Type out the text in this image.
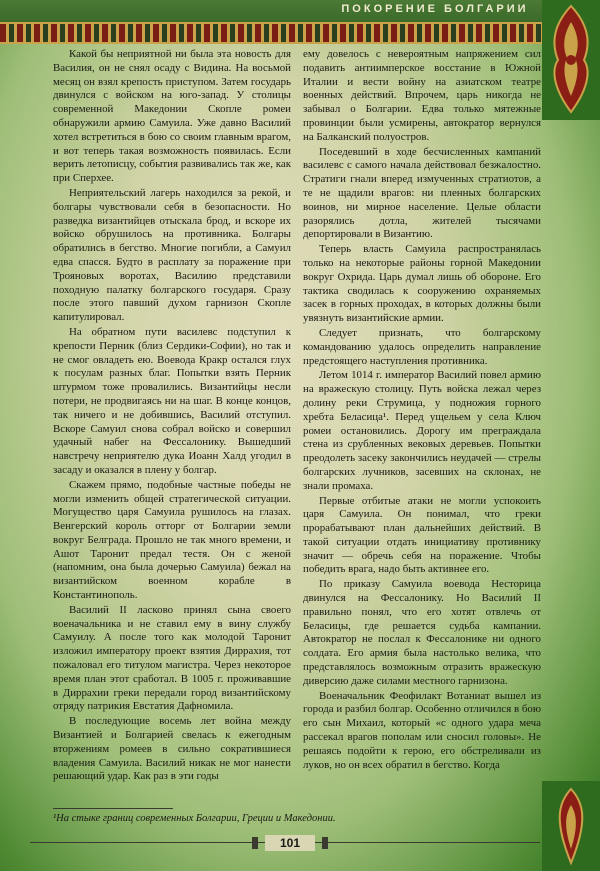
ПОКОРЕНИЕ БОЛГАРИИ

Какой бы неприятной ни была эта новость для Василия, он не снял осаду с Видина. На восьмой месяц он взял крепость приступом. Затем государь двинулся с войском на юго-запад. У столицы современной Македонии Скопле ромеи обнаружили армию Самуила. Уже давно Василий хотел встретиться в бою со своим главным врагом, и вот теперь такая возможность появилась. Если верить летописцу, события развивались так же, как при Сперхее.

Неприятельский лагерь находился за рекой, и болгары чувствовали себя в безопасности. Но разведка византийцев отыскала брод, и вскоре их войско обрушилось на противника. Болгары обратились в бегство. Многие погибли, а Самуил едва спасся. Будто в расплату за поражение при Трояновых воротах, Василию представили походную палатку болгарского государя. Сразу после этого павший духом гарнизон Скопле капитулировал.

На обратном пути василевс подступил к крепости Перник (близ Сердики-Софии), но так и не смог овладеть ею. Воевода Кракр остался глух к посулам разных благ. Попытки взять Перник штурмом тоже провалились. Византийцы несли потери, не продвигаясь ни на шаг. В конце концов, так ничего и не добившись, Василий отступил. Вскоре Самуил снова собрал войско и совершил удачный набег на Фессалонику. Вышедший навстречу неприятелю дука Иоанн Халд угодил в засаду и оказался в плену у болгар.

Скажем прямо, подобные частные победы не могли изменить общей стратегической ситуации. Могущество царя Самуила рушилось на глазах. Венгерский король отторг от Болгарии земли вокруг Белграда. Прошло не так много времени, и Ашот Таронит предал тестя. Он с женой (напомним, она была дочерью Самуила) бежал на византийском военном корабле в Константинополь.

Василий II ласково принял сына своего военачальника и не ставил ему в вину службу Самуилу. А после того как молодой Таронит изложил императору проект взятия Диррахия, тот пожаловал его титулом магистра. Через некоторое время план этот сработал. В 1005 г. проживавшие в Диррахии греки передали город византийскому отряду патрикия Евстатия Дафномила.

В последующие восемь лет война между Византией и Болгарией свелась к ежегодным вторжениям ромеев в сильно сократившиеся владения Самуила. Василий никак не мог нанести решающий удар. Как раз в эти годы

ему довелось с невероятным напряжением сил подавить антиимперское восстание в Южной Италии и вести войну на азиатском театре военных действий. Впрочем, царь никогда не забывал о Болгарии. Едва только мятежные провинции были усмирены, автократор вернулся на Балканский полуостров.

Поседевший в ходе бесчисленных кампаний василевс с самого начала действовал безжалостно. Стратиги гнали вперед измученных стратиотов, а те не щадили врагов: ни пленных болгарских воинов, ни мирное население. Целые области разорялись дотла, жителей тысячами депортировали в Византию.

Теперь власть Самуила распространялась только на некоторые районы горной Македонии вокруг Охрида. Царь думал лишь об обороне. Его тактика сводилась к сооружению охраняемых засек в горных проходах, в которых должны были увязнуть византийские армии.

Следует признать, что болгарскому командованию удалось определить направление предстоящего наступления противника.

Летом 1014 г. император Василий повел армию на вражескую столицу. Путь войска лежал через долину реки Струмица, у подножия горного хребта Беласица¹. Перед ущельем у села Ключ ромеи остановились. Дорогу им преграждала стена из срубленных вековых деревьев. Попытки преодолеть засеку закончились неудачей — стрелы болгарских лучников, засевших на склонах, не знали промаха.

Первые отбитые атаки не могли успокоить царя Самуила. Он понимал, что греки прорабатывают план дальнейших действий. В такой ситуации отдать инициативу противнику значит — обречь себя на поражение. Чтобы победить врага, надо быть активнее его.

По приказу Самуила воевода Несторица двинулся на Фессалонику. Но Василий II правильно понял, что его хотят отвлечь от Беласицы, где решается судьба кампании. Автократор не послал к Фессалонике ни одного солдата. Его армия была настолько велика, что представлялось возможным отразить вражескую диверсию даже силами местного гарнизона.

Военачальник Феофилакт Вотаниат вышел из города и разбил болгар. Особенно отличился в бою его сын Михаил, который «с одного удара меча рассекал врагов пополам или сносил головы». Не решаясь подойти к герою, его обстреливали из луков, но он всех обратил в бегство. Когда

¹На стыке границ современных Болгарии, Греции и Македонии.
101
